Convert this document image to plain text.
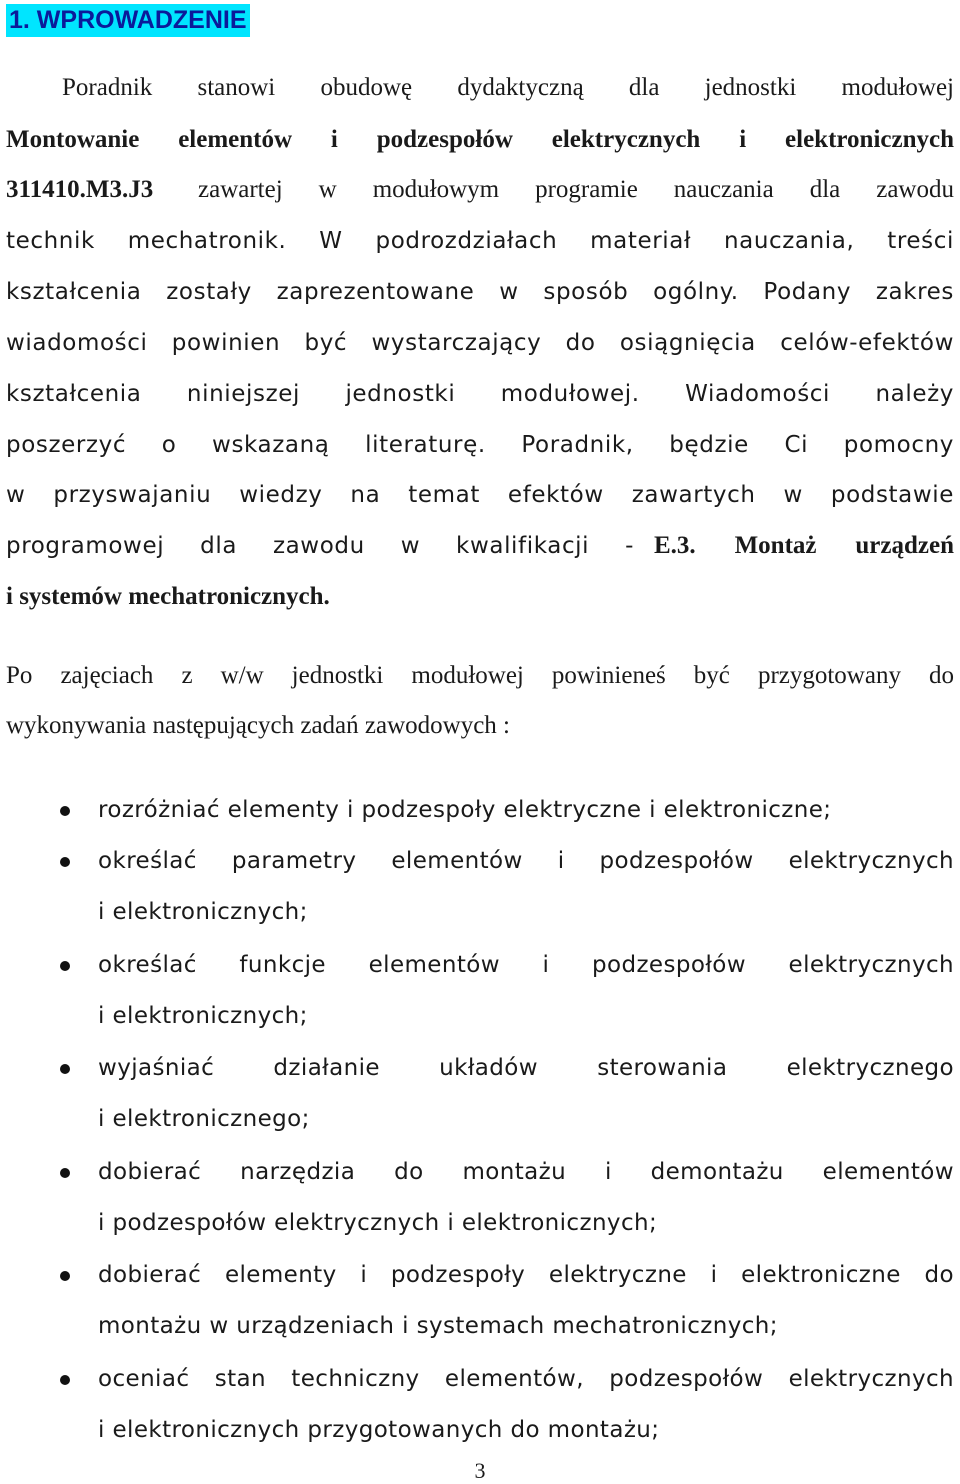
1. WPROWADZENIE
Poradnik stanowi obudowę dydaktyczną dla jednostki modułowej
Montowanie elementów i podzespołów elektrycznych i elektronicznych
311410.M3.J3 zawartej w modułowym programie nauczania dla zawodu
technik mechatronik. W podrozdziałach materiał nauczania, treści
kształcenia zostały zaprezentowane w sposób ogólny. Podany zakres
wiadomości powinien być wystarczający do osiągnięcia celów-efektów
kształcenia niniejszej jednostki modułowej. Wiadomości należy
poszerzyć o wskazaną literaturę. Poradnik, będzie Ci pomocny
w przyswajaniu wiedzy na temat efektów zawartych w podstawie
programowej dla zawodu w kwalifikacji - E.3. Montaż urządzeń
i systemów mechatronicznych.
Po zajęciach z w/w jednostki modułowej powinieneś być przygotowany do
wykonywania następujących zadań zawodowych :
rozróżniać elementy i podzespoły elektryczne i elektroniczne;
określać parametry elementów i podzespołów elektrycznych
i elektronicznych;
określać funkcje elementów i podzespołów elektrycznych
i elektronicznych;
wyjaśniać działanie układów sterowania elektrycznego
i elektronicznego;
dobierać narzędzia do montażu i demontażu elementów
i podzespołów elektrycznych i elektronicznych;
dobierać elementy i podzespoły elektryczne i elektroniczne do
montażu w urządzeniach i systemach mechatronicznych;
oceniać stan techniczny elementów, podzespołów elektrycznych
i elektronicznych przygotowanych do montażu;
3
